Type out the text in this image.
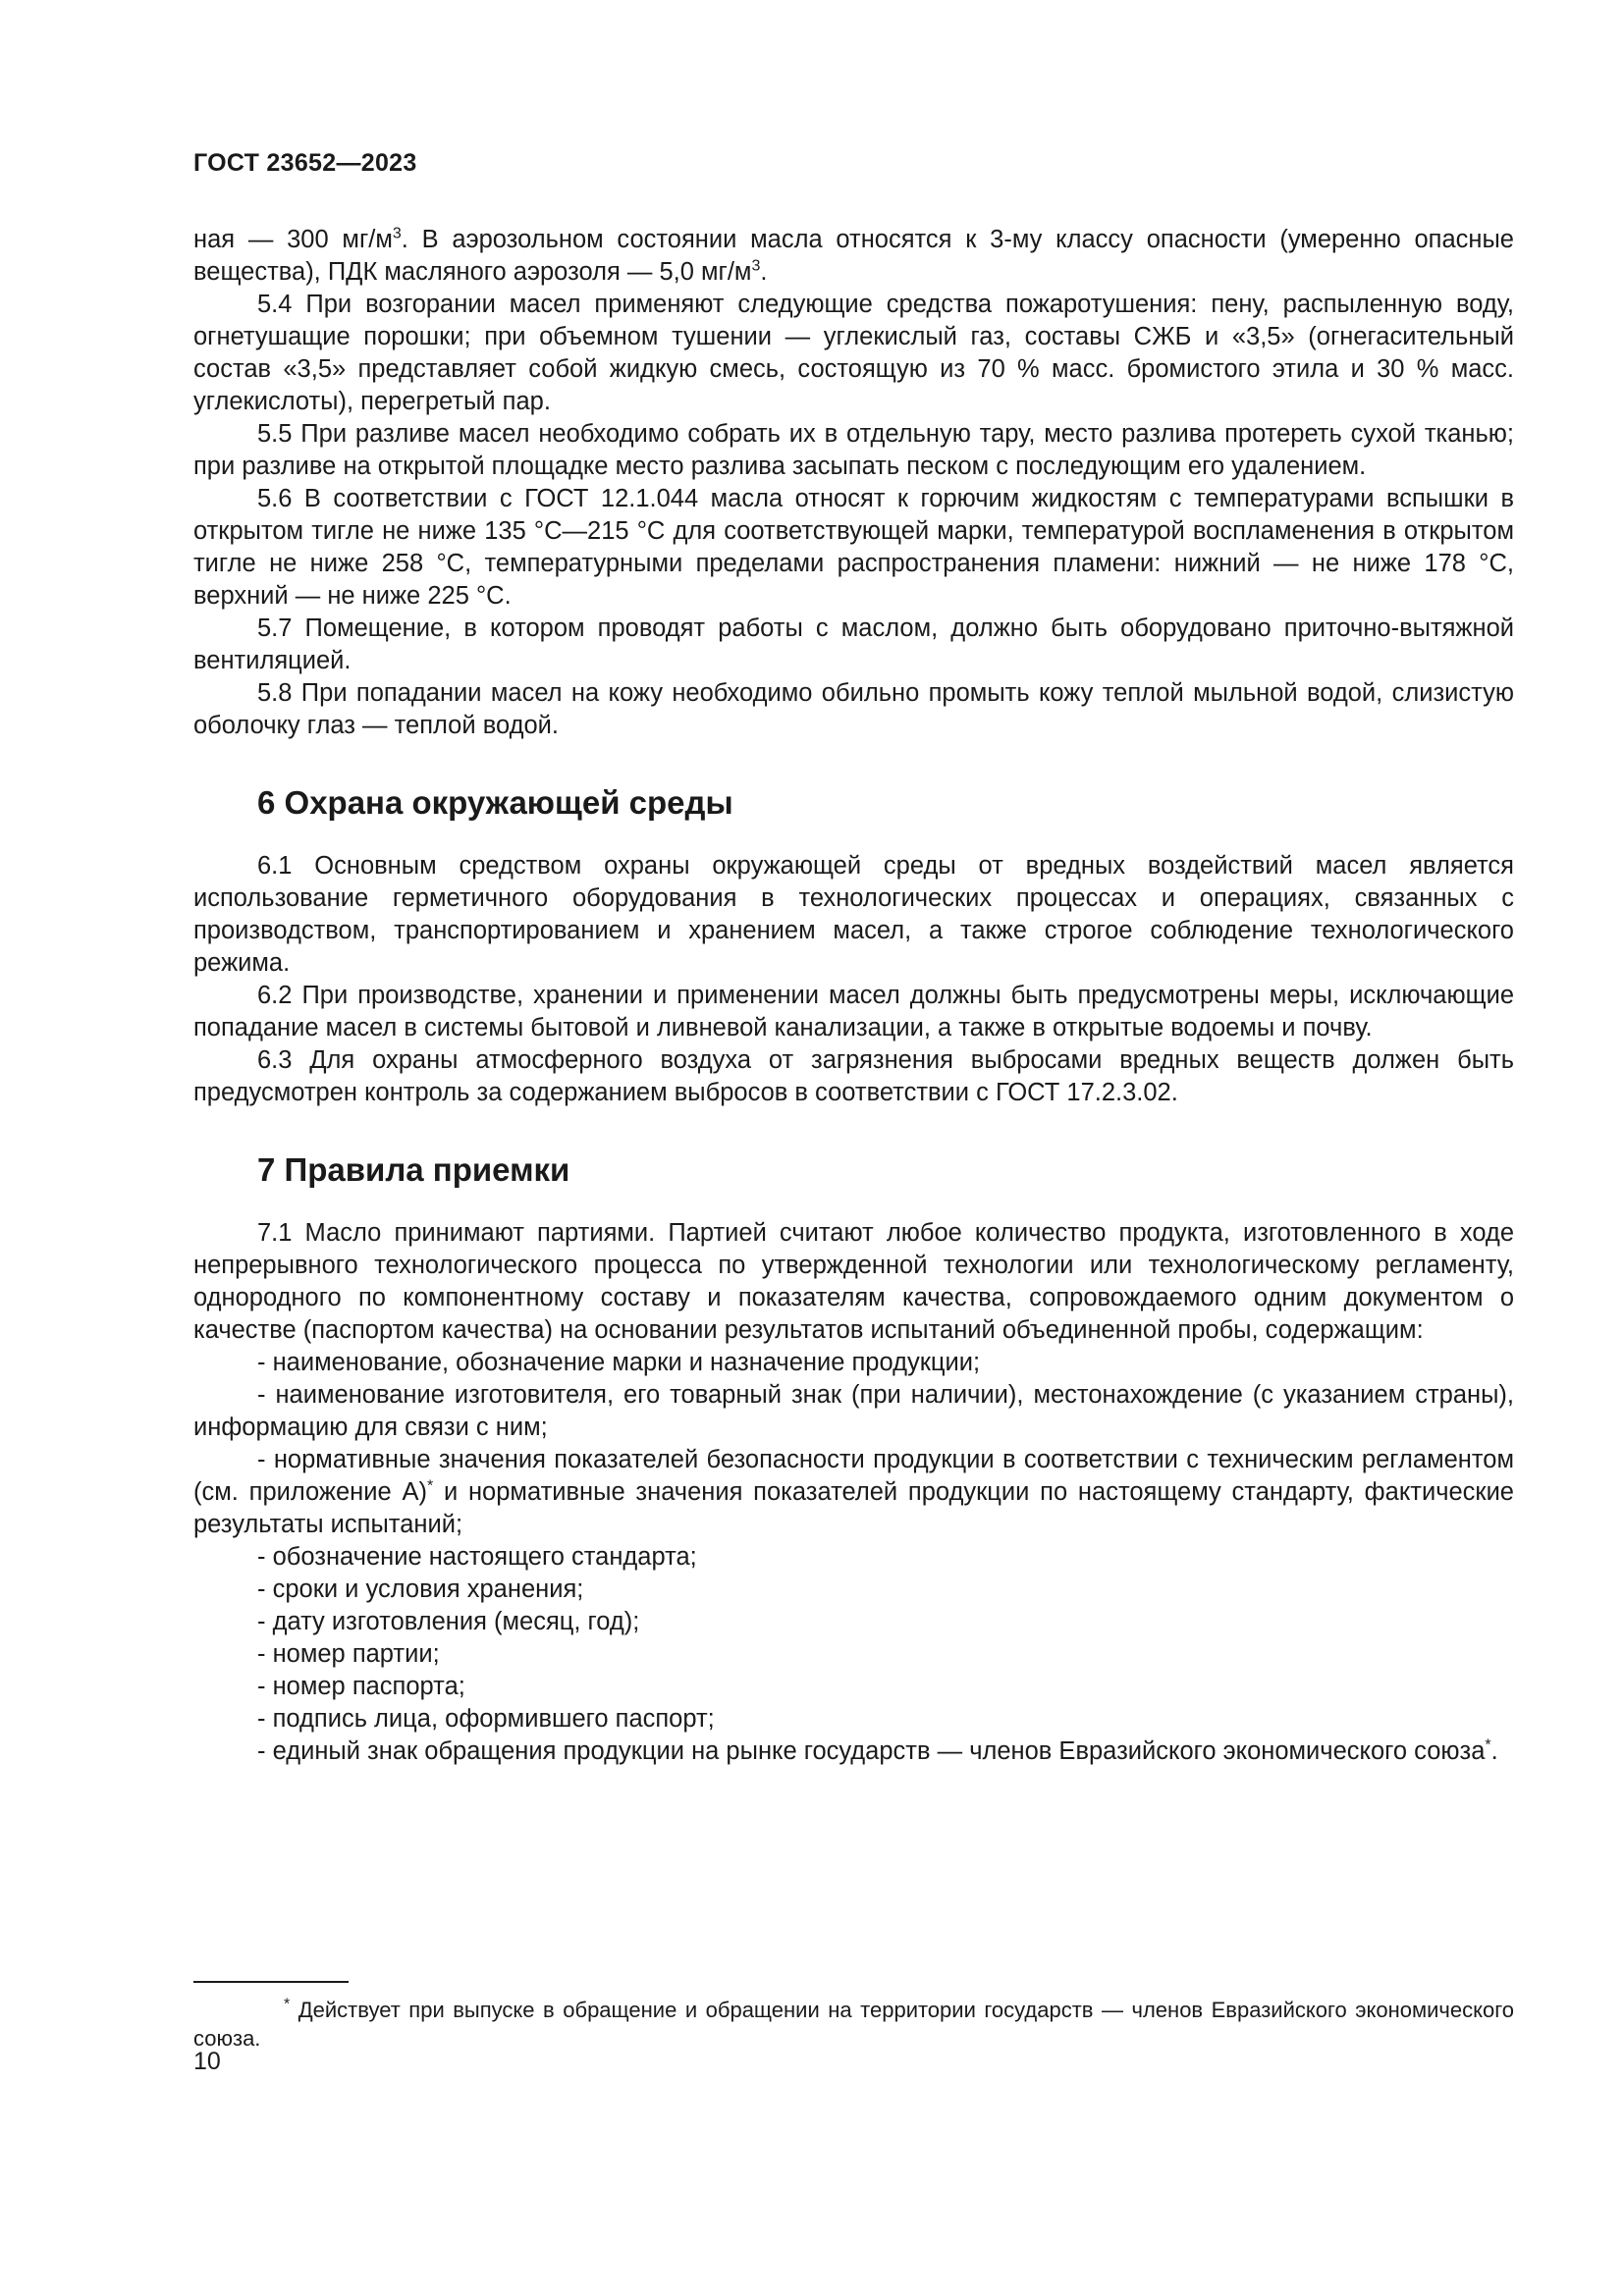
ГОСТ 23652—2023

ная — 300 $мг/м^3$. В аэрозольном состоянии масла относятся к 3-му классу опасности (умеренно опасные вещества), ПДК масляного аэрозоля — 5,0 $мг/м^3$.

5.4 При возгорании масел применяют следующие средства пожаротушения: пену, распыленную воду, огнетушащие порошки; при объемном тушении — углекислый газ, составы СЖБ и «3,5» (огнегасительный состав «3,5» представляет собой жидкую смесь, состоящую из 70 % масс. бромистого этила и 30 % масс. углекислоты), перегретый пар.

5.5 При разливе масел необходимо собрать их в отдельную тару, место разлива протереть сухой тканью; при разливе на открытой площадке место разлива засыпать песком с последующим его удалением.

5.6 В соответствии с ГОСТ 12.1.044 масла относят к горючим жидкостям с температурами вспышки в открытом тигле не ниже 135 °С—215 °С для соответствующей марки, температурой воспламенения в открытом тигле не ниже 258 °С, температурными пределами распространения пламени: нижний — не ниже 178 °С, верхний — не ниже 225 °С.

5.7 Помещение, в котором проводят работы с маслом, должно быть оборудовано приточно-вытяжной вентиляцией.

5.8 При попадании масел на кожу необходимо обильно промыть кожу теплой мыльной водой, слизистую оболочку глаз — теплой водой.

6 Охрана окружающей среды

6.1 Основным средством охраны окружающей среды от вредных воздействий масел является использование герметичного оборудования в технологических процессах и операциях, связанных с производством, транспортированием и хранением масел, а также строгое соблюдение технологического режима.

6.2 При производстве, хранении и применении масел должны быть предусмотрены меры, исключающие попадание масел в системы бытовой и ливневой канализации, а также в открытые водоемы и почву.

6.3 Для охраны атмосферного воздуха от загрязнения выбросами вредных веществ должен быть предусмотрен контроль за содержанием выбросов в соответствии с ГОСТ 17.2.3.02.

7 Правила приемки

7.1 Масло принимают партиями. Партией считают любое количество продукта, изготовленного в ходе непрерывного технологического процесса по утвержденной технологии или технологическому регламенту, однородного по компонентному составу и показателям качества, сопровождаемого одним документом о качестве (паспортом качества) на основании результатов испытаний объединенной пробы, содержащим:

- наименование, обозначение марки и назначение продукции;

- наименование изготовителя, его товарный знак (при наличии), местонахождение (с указанием страны), информацию для связи с ним;

- нормативные значения показателей безопасности продукции в соответствии с техническим регламентом (см. приложение А)* и нормативные значения показателей продукции по настоящему стандарту, фактические результаты испытаний;

- обозначение настоящего стандарта;

- сроки и условия хранения;

- дату изготовления (месяц, год);

- номер партии;

- номер паспорта;

- подпись лица, оформившего паспорт;

- единый знак обращения продукции на рынке государств — членов Евразийского экономического союза*.

* Действует при выпуске в обращение и обращении на территории государств — членов Евразийского экономического союза.
10
